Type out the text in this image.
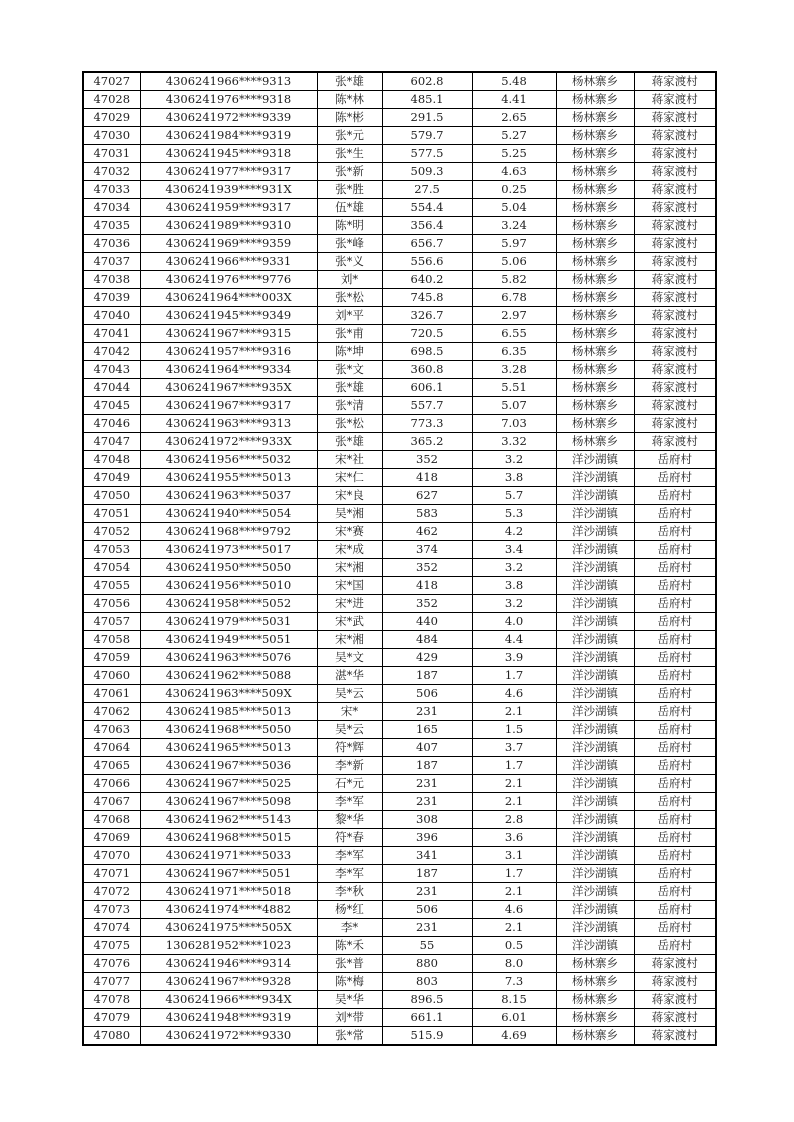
47027	4306241966****9313	张*雄	602.8	5.48	杨林寨乡	蒋家渡村
47028	4306241976****9318	陈*林	485.1	4.41	杨林寨乡	蒋家渡村
47029	4306241972****9339	陈*彬	291.5	2.65	杨林寨乡	蒋家渡村
47030	4306241984****9319	张*元	579.7	5.27	杨林寨乡	蒋家渡村
47031	4306241945****9318	张*生	577.5	5.25	杨林寨乡	蒋家渡村
47032	4306241977****9317	张*新	509.3	4.63	杨林寨乡	蒋家渡村
47033	4306241939****931X	张*胜	27.5	0.25	杨林寨乡	蒋家渡村
47034	4306241959****9317	伍*雄	554.4	5.04	杨林寨乡	蒋家渡村
47035	4306241989****9310	陈*明	356.4	3.24	杨林寨乡	蒋家渡村
47036	4306241969****9359	张*峰	656.7	5.97	杨林寨乡	蒋家渡村
47037	4306241966****9331	张*义	556.6	5.06	杨林寨乡	蒋家渡村
47038	4306241976****9776	刘*	640.2	5.82	杨林寨乡	蒋家渡村
47039	4306241964****003X	张*松	745.8	6.78	杨林寨乡	蒋家渡村
47040	4306241945****9349	刘*平	326.7	2.97	杨林寨乡	蒋家渡村
47041	4306241967****9315	张*甫	720.5	6.55	杨林寨乡	蒋家渡村
47042	4306241957****9316	陈*坤	698.5	6.35	杨林寨乡	蒋家渡村
47043	4306241964****9334	张*文	360.8	3.28	杨林寨乡	蒋家渡村
47044	4306241967****935X	张*雄	606.1	5.51	杨林寨乡	蒋家渡村
47045	4306241967****9317	张*清	557.7	5.07	杨林寨乡	蒋家渡村
47046	4306241963****9313	张*松	773.3	7.03	杨林寨乡	蒋家渡村
47047	4306241972****933X	张*雄	365.2	3.32	杨林寨乡	蒋家渡村
47048	4306241956****5032	宋*社	352	3.2	洋沙湖镇	岳府村
47049	4306241955****5013	宋*仁	418	3.8	洋沙湖镇	岳府村
47050	4306241963****5037	宋*良	627	5.7	洋沙湖镇	岳府村
47051	4306241940****5054	吴*湘	583	5.3	洋沙湖镇	岳府村
47052	4306241968****9792	宋*赛	462	4.2	洋沙湖镇	岳府村
47053	4306241973****5017	宋*成	374	3.4	洋沙湖镇	岳府村
47054	4306241950****5050	宋*湘	352	3.2	洋沙湖镇	岳府村
47055	4306241956****5010	宋*国	418	3.8	洋沙湖镇	岳府村
47056	4306241958****5052	宋*进	352	3.2	洋沙湖镇	岳府村
47057	4306241979****5031	宋*武	440	4.0	洋沙湖镇	岳府村
47058	4306241949****5051	宋*湘	484	4.4	洋沙湖镇	岳府村
47059	4306241963****5076	吴*文	429	3.9	洋沙湖镇	岳府村
47060	4306241962****5088	湛*华	187	1.7	洋沙湖镇	岳府村
47061	4306241963****509X	吴*云	506	4.6	洋沙湖镇	岳府村
47062	4306241985****5013	宋*	231	2.1	洋沙湖镇	岳府村
47063	4306241968****5050	吴*云	165	1.5	洋沙湖镇	岳府村
47064	4306241965****5013	符*辉	407	3.7	洋沙湖镇	岳府村
47065	4306241967****5036	李*新	187	1.7	洋沙湖镇	岳府村
47066	4306241967****5025	石*元	231	2.1	洋沙湖镇	岳府村
47067	4306241967****5098	李*军	231	2.1	洋沙湖镇	岳府村
47068	4306241962****5143	黎*华	308	2.8	洋沙湖镇	岳府村
47069	4306241968****5015	符*春	396	3.6	洋沙湖镇	岳府村
47070	4306241971****5033	李*军	341	3.1	洋沙湖镇	岳府村
47071	4306241967****5051	李*军	187	1.7	洋沙湖镇	岳府村
47072	4306241971****5018	李*秋	231	2.1	洋沙湖镇	岳府村
47073	4306241974****4882	杨*红	506	4.6	洋沙湖镇	岳府村
47074	4306241975****505X	李*	231	2.1	洋沙湖镇	岳府村
47075	1306281952****1023	陈*禾	55	0.5	洋沙湖镇	岳府村
47076	4306241946****9314	张*普	880	8.0	杨林寨乡	蒋家渡村
47077	4306241967****9328	陈*梅	803	7.3	杨林寨乡	蒋家渡村
47078	4306241966****934X	吴*华	896.5	8.15	杨林寨乡	蒋家渡村
47079	4306241948****9319	刘*带	661.1	6.01	杨林寨乡	蒋家渡村
47080	4306241972****9330	张*常	515.9	4.69	杨林寨乡	蒋家渡村
